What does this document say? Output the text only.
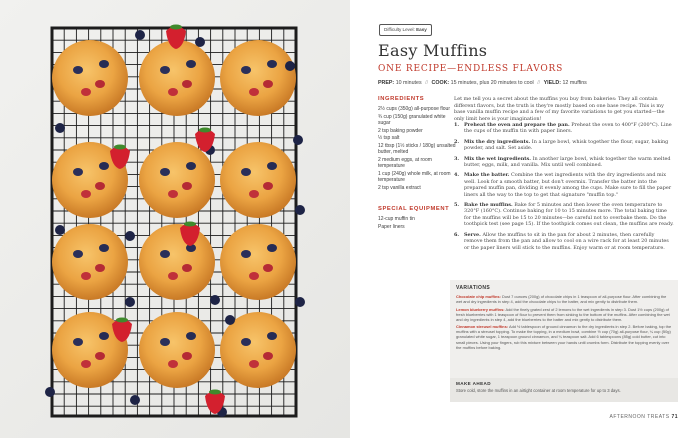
Difficulty Level: Easy
Easy Muffins
ONE RECIPE—ENDLESS FLAVORS
PREP: 10 minutes // COOK: 15 minutes, plus 20 minutes to cool // YIELD: 12 muffins
INGREDIENTS
2½ cups (350g) all-purpose flour
¾ cup (150g) granulated white sugar
2 tsp baking powder
½ tsp salt
12 tbsp (1½ sticks / 180g) unsalted butter, melted
2 medium eggs, at room temperature
1 cup (240g) whole milk, at room temperature
2 tsp vanilla extract
SPECIAL EQUIPMENT
12-cup muffin tin
Paper liners

Let me tell you a secret about the muffins you buy from bakeries: They all contain different flavors, but the truth is they're mostly based on one base recipe. This is my base vanilla muffin recipe and a few of my favorite variations to get you started—the only limit here is your imagination!

1. Preheat the oven and prepare the pan. Preheat the oven to 400°F (200°C). Line the cups of the muffin tin with paper liners.
2. Mix the dry ingredients. In a large bowl, whisk together the flour, sugar, baking powder, and salt. Set aside.
3. Mix the wet ingredients. In another large bowl, whisk together the warm melted butter, eggs, milk, and vanilla. Mix until well combined.
4. Make the batter. Combine the wet ingredients with the dry ingredients and mix well. Look for a smooth batter, but don't overmix. Transfer the batter into the prepared muffin pan, dividing it evenly among the cups. Make sure to fill the paper liners all the way to the top to get that signature "muffin top."
5. Bake the muffins. Bake for 5 minutes and then lower the oven temperature to 320°F (160°C). Continue baking for 10 to 15 minutes more. The total baking time for the muffins will be 15 to 20 minutes—be careful not to overbake them. Do the toothpick test (see page 15). If the toothpick comes out clean, the muffins are ready.
6. Serve. Allow the muffins to sit in the pan for about 2 minutes, then carefully remove them from the pan and allow to cool on a wire rack for at least 20 minutes or the paper liners will stick to the muffins. Enjoy warm or at room temperature.
VARIATIONS

Chocolate chip muffins: Dust 7 ounces (200g) of chocolate chips in 1 teaspoon of all-purpose flour. After combining the wet and dry ingredients in step 4, add the chocolate chips to the batter, and mix gently to distribute them.

Lemon blueberry muffins: Add the finely grated zest of 2 lemons to the wet ingredients in step 3. Dust 1½ cups (200g) of fresh blueberries with 1 teaspoon of flour to prevent them from sinking to the bottom of the muffins. After combining the wet and dry ingredients in step 4, add the blueberries to the batter and mix gently to distribute them.

Cinnamon streusel muffins: Add ½ tablespoon of ground cinnamon to the dry ingredients in step 2. Before baking, top the muffins with a streusel topping. To make the topping, in a medium bowl, combine ½ cup (70g) all-purpose flour, ¼ cup (50g) granulated white sugar, 1 teaspoon ground cinnamon, and ¼ teaspoon salt. Add 6 tablespoons (85g) cold butter, cut into small pieces. Using your fingers, rub this mixture between your hands until crumbs form. Distribute the topping evenly over the muffins before baking.

MAKE AHEAD

Store cold, store the muffins in an airtight container at room temperature for up to 3 days.

AFTERNOON TREATS 71
